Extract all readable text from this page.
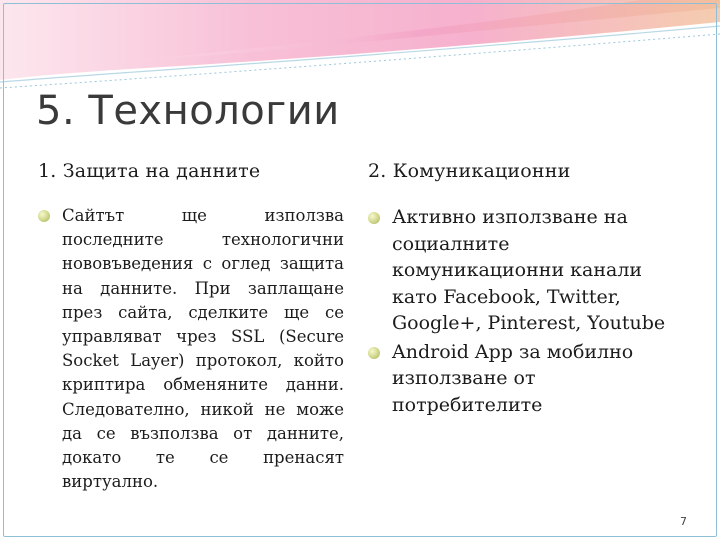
5. Технологии
1. Защита на данните
Сайтът ще използва последните технологични нововъведения с оглед защита на данните. При заплащане през сайта, сделките ще се управляват чрез SSL (Secure Socket Layer) протокол, който криптира обменяните данни. Следователно, никой не може да се възползва от данните, докато те се пренасят виртуално.
2. Комуникационни
Активно използване на социалните комуникационни канали като Facebook, Twitter, Google+, Pinterest, Youtube
Android App за мобилно използване от потребителите
7
